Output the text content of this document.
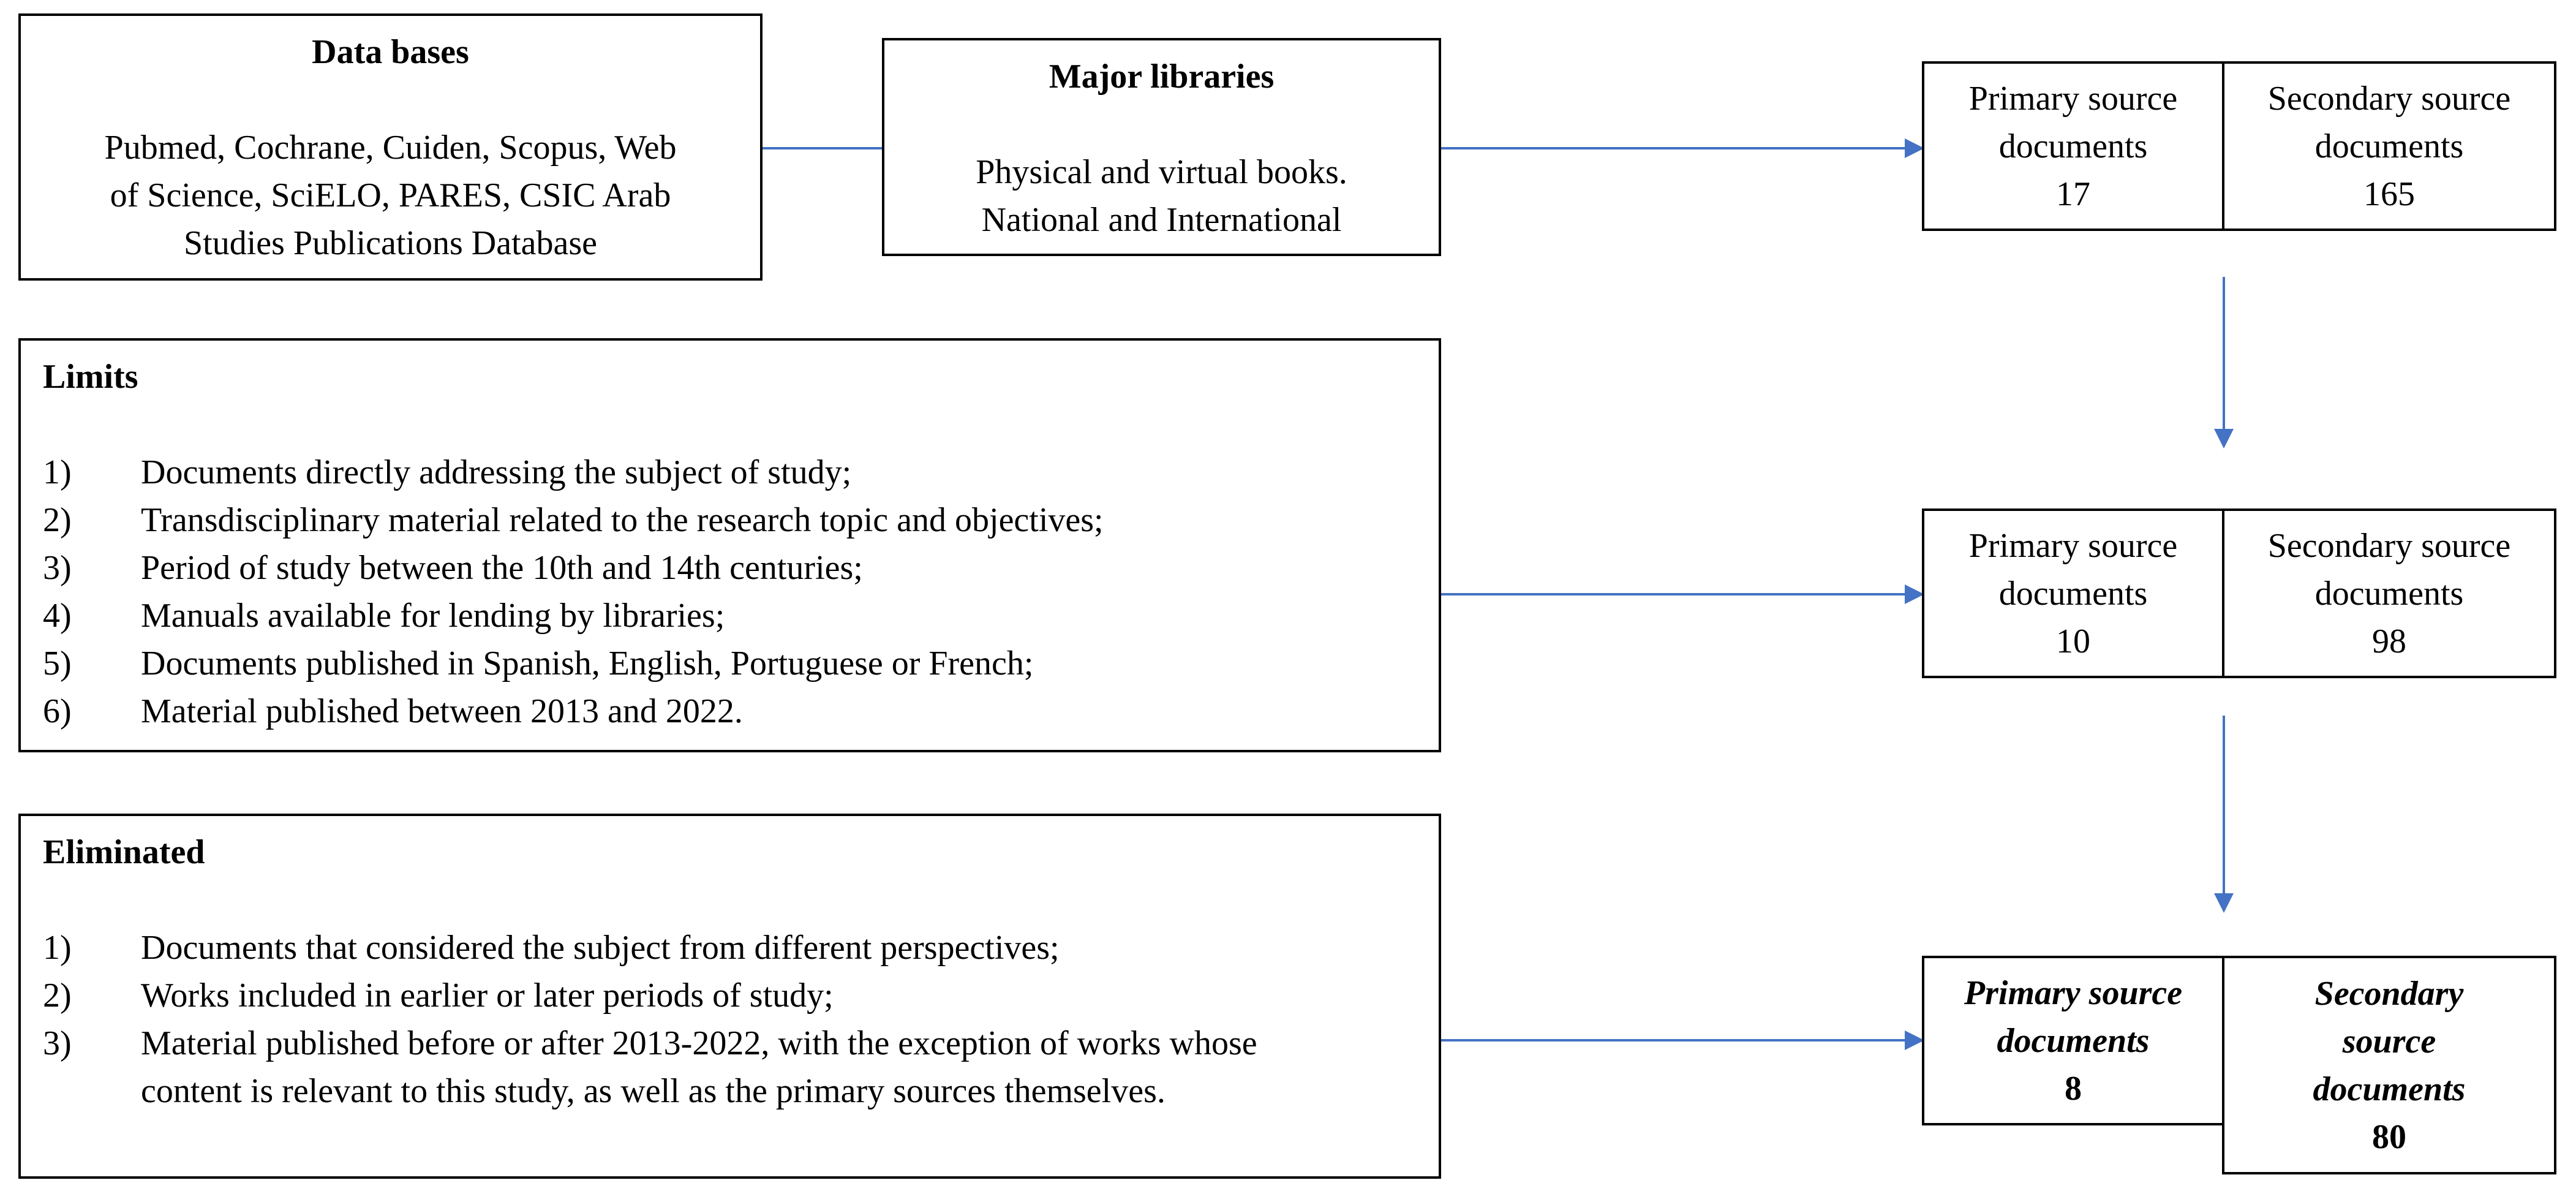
Data bases
Pubmed, Cochrane, Cuiden, Scopus, Web
of Science, SciELO, PARES, CSIC Arab
Studies Publications Database
Major libraries
Physical and virtual books.
National and International
Limits
1) Documents directly addressing the subject of study;
2) Transdisciplinary material related to the research topic and objectives;
3) Period of study between the 10th and 14th centuries;
4) Manuals available for lending by libraries;
5) Documents published in Spanish, English, Portuguese or French;
6) Material published between 2013 and 2022.
Eliminated
1) Documents that considered the subject from different perspectives;
2) Works included in earlier or later periods of study;
3) Material published before or after 2013-2022, with the exception of works whose content is relevant to this study, as well as the primary sources themselves.
Primary source
documents
17
Secondary source
documents
165
Primary source
documents
10
Secondary source
documents
98
Primary source
documents
8
Secondary
source
documents
80
